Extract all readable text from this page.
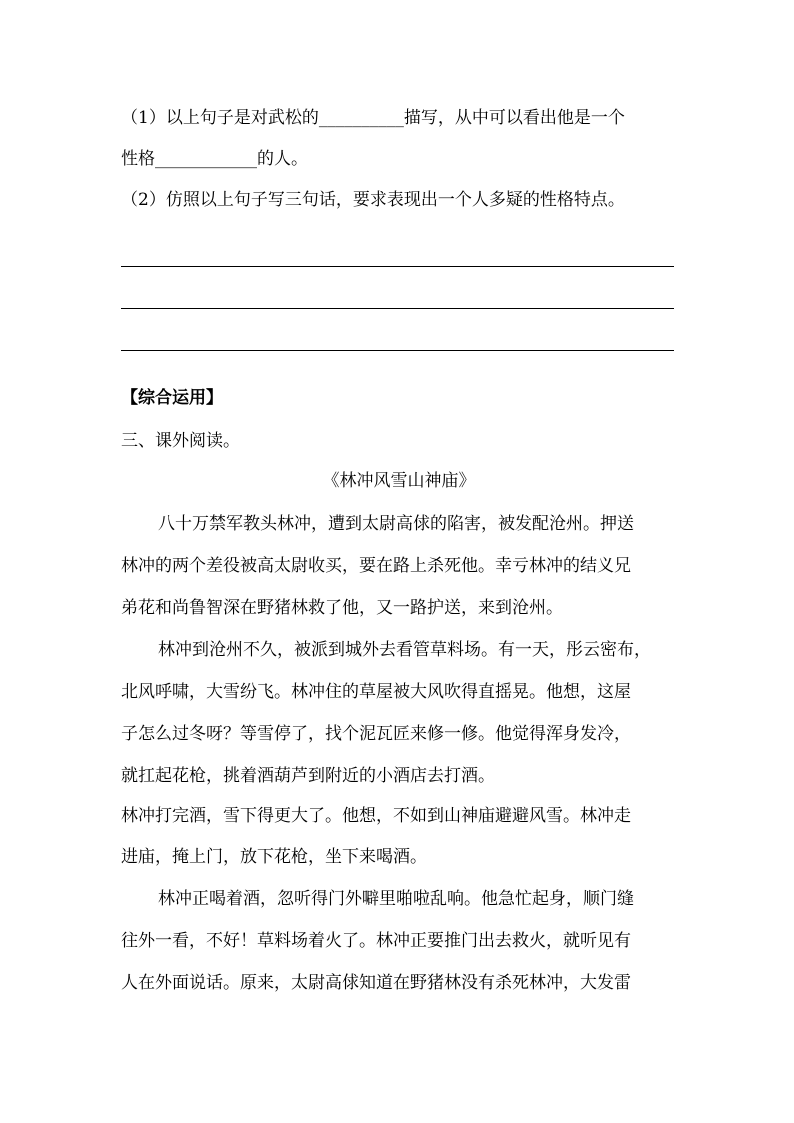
（1）以上句子是对武松的__________描写，从中可以看出他是一个
性格____________的人。
（2）仿照以上句子写三句话，要求表现出一个人多疑的性格特点。
【综合运用】
三、课外阅读。
《林冲风雪山神庙》
八十万禁军教头林冲，遭到太尉高俅的陷害，被发配沧州。押送
林冲的两个差役被高太尉收买，要在路上杀死他。幸亏林冲的结义兄
弟花和尚鲁智深在野猪林救了他，又一路护送，来到沧州。
林冲到沧州不久，被派到城外去看管草料场。有一天，彤云密布，
北风呼啸，大雪纷飞。林冲住的草屋被大风吹得直摇晃。他想，这屋
子怎么过冬呀？等雪停了，找个泥瓦匠来修一修。他觉得浑身发冷，
就扛起花枪，挑着酒葫芦到附近的小酒店去打酒。
林冲打完酒，雪下得更大了。他想，不如到山神庙避避风雪。林冲走
进庙，掩上门，放下花枪，坐下来喝酒。
林冲正喝着酒，忽听得门外噼里啪啦乱响。他急忙起身，顺门缝
往外一看，不好！草料场着火了。林冲正要推门出去救火，就听见有
人在外面说话。原来，太尉高俅知道在野猪林没有杀死林冲，大发雷
